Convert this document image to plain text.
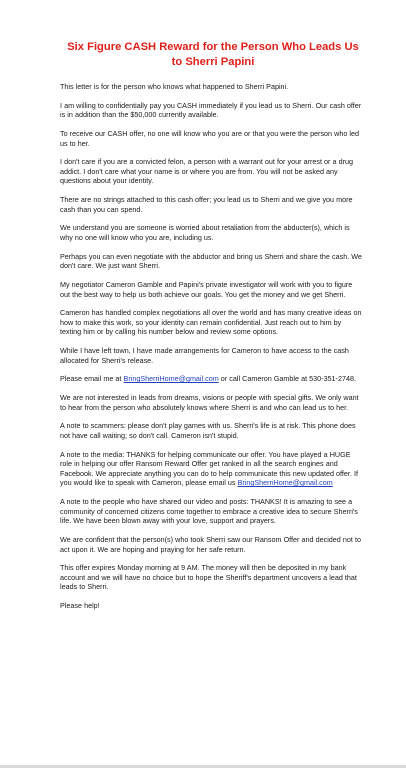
Six Figure CASH Reward for the Person Who Leads Us
to Sherri Papini

This letter is for the person who knows what happened to Sherri Papini.

I am willing to confidentially pay you CASH immediately if you lead us to Sherri. Our cash offer is in addition than the $50,000 currently available.

To receive our CASH offer, no one will know who you are or that you were the person who led us to her.

I don't care if you are a convicted felon, a person with a warrant out for your arrest or a drug addict. I don't care what your name is or where you are from. You will not be asked any questions about your identity.

There are no strings attached to this cash offer; you lead us to Sherri and we give you more cash than you can spend.

We understand you are someone is worried about retaliation from the abducter(s), which is why no one will know who you are, including us.

Perhaps you can even negotiate with the abductor and bring us Sherri and share the cash. We don't care. We just want Sherri.

My negotiator Cameron Gamble and Papini's private investigator will work with you to figure out the best way to help us both achieve our goals. You get the money and we get Sherri.

Cameron has handled complex negotiations all over the world and has many creative ideas on how to make this work, so your identity can remain confidential. Just reach out to him by texting him or by calling his number below and review some options.

While I have left town, I have made arrangements for Cameron to have access to the cash allocated for Sherri's release.

Please email me at BringSherriHome@gmail.com or call Cameron Gamble at 530-351-2748.

We are not interested in leads from dreams, visions or people with special gifts. We only want to hear from the person who absolutely knows where Sherri is and who can lead us to her.

A note to scammers: please don't play games with us. Sherri's life is at risk. This phone does not have call waiting; so don't call. Cameron isn't stupid.

A note to the media: THANKS for helping communicate our offer. You have played a HUGE role in helping our offer Ransom Reward Offer get ranked in all the search engines and Facebook. We appreciate anything you can do to help communicate this new updated offer. If you would like to speak with Cameron, please email us BringSherriHome@gmail.com

A note to the people who have shared our video and posts: THANKS! It is amazing to see a community of concerned citizens come together to embrace a creative idea to secure Sherri's life. We have been blown away with your love, support and prayers.

We are confident that the person(s) who took Sherri saw our Ransom Offer and decided not to act upon it. We are hoping and praying for her safe return.

This offer expires Monday morning at 9 AM. The money will then be deposited in my bank account and we will have no choice but to hope the Sheriff's department uncovers a lead that leads to Sherri.

Please help!
